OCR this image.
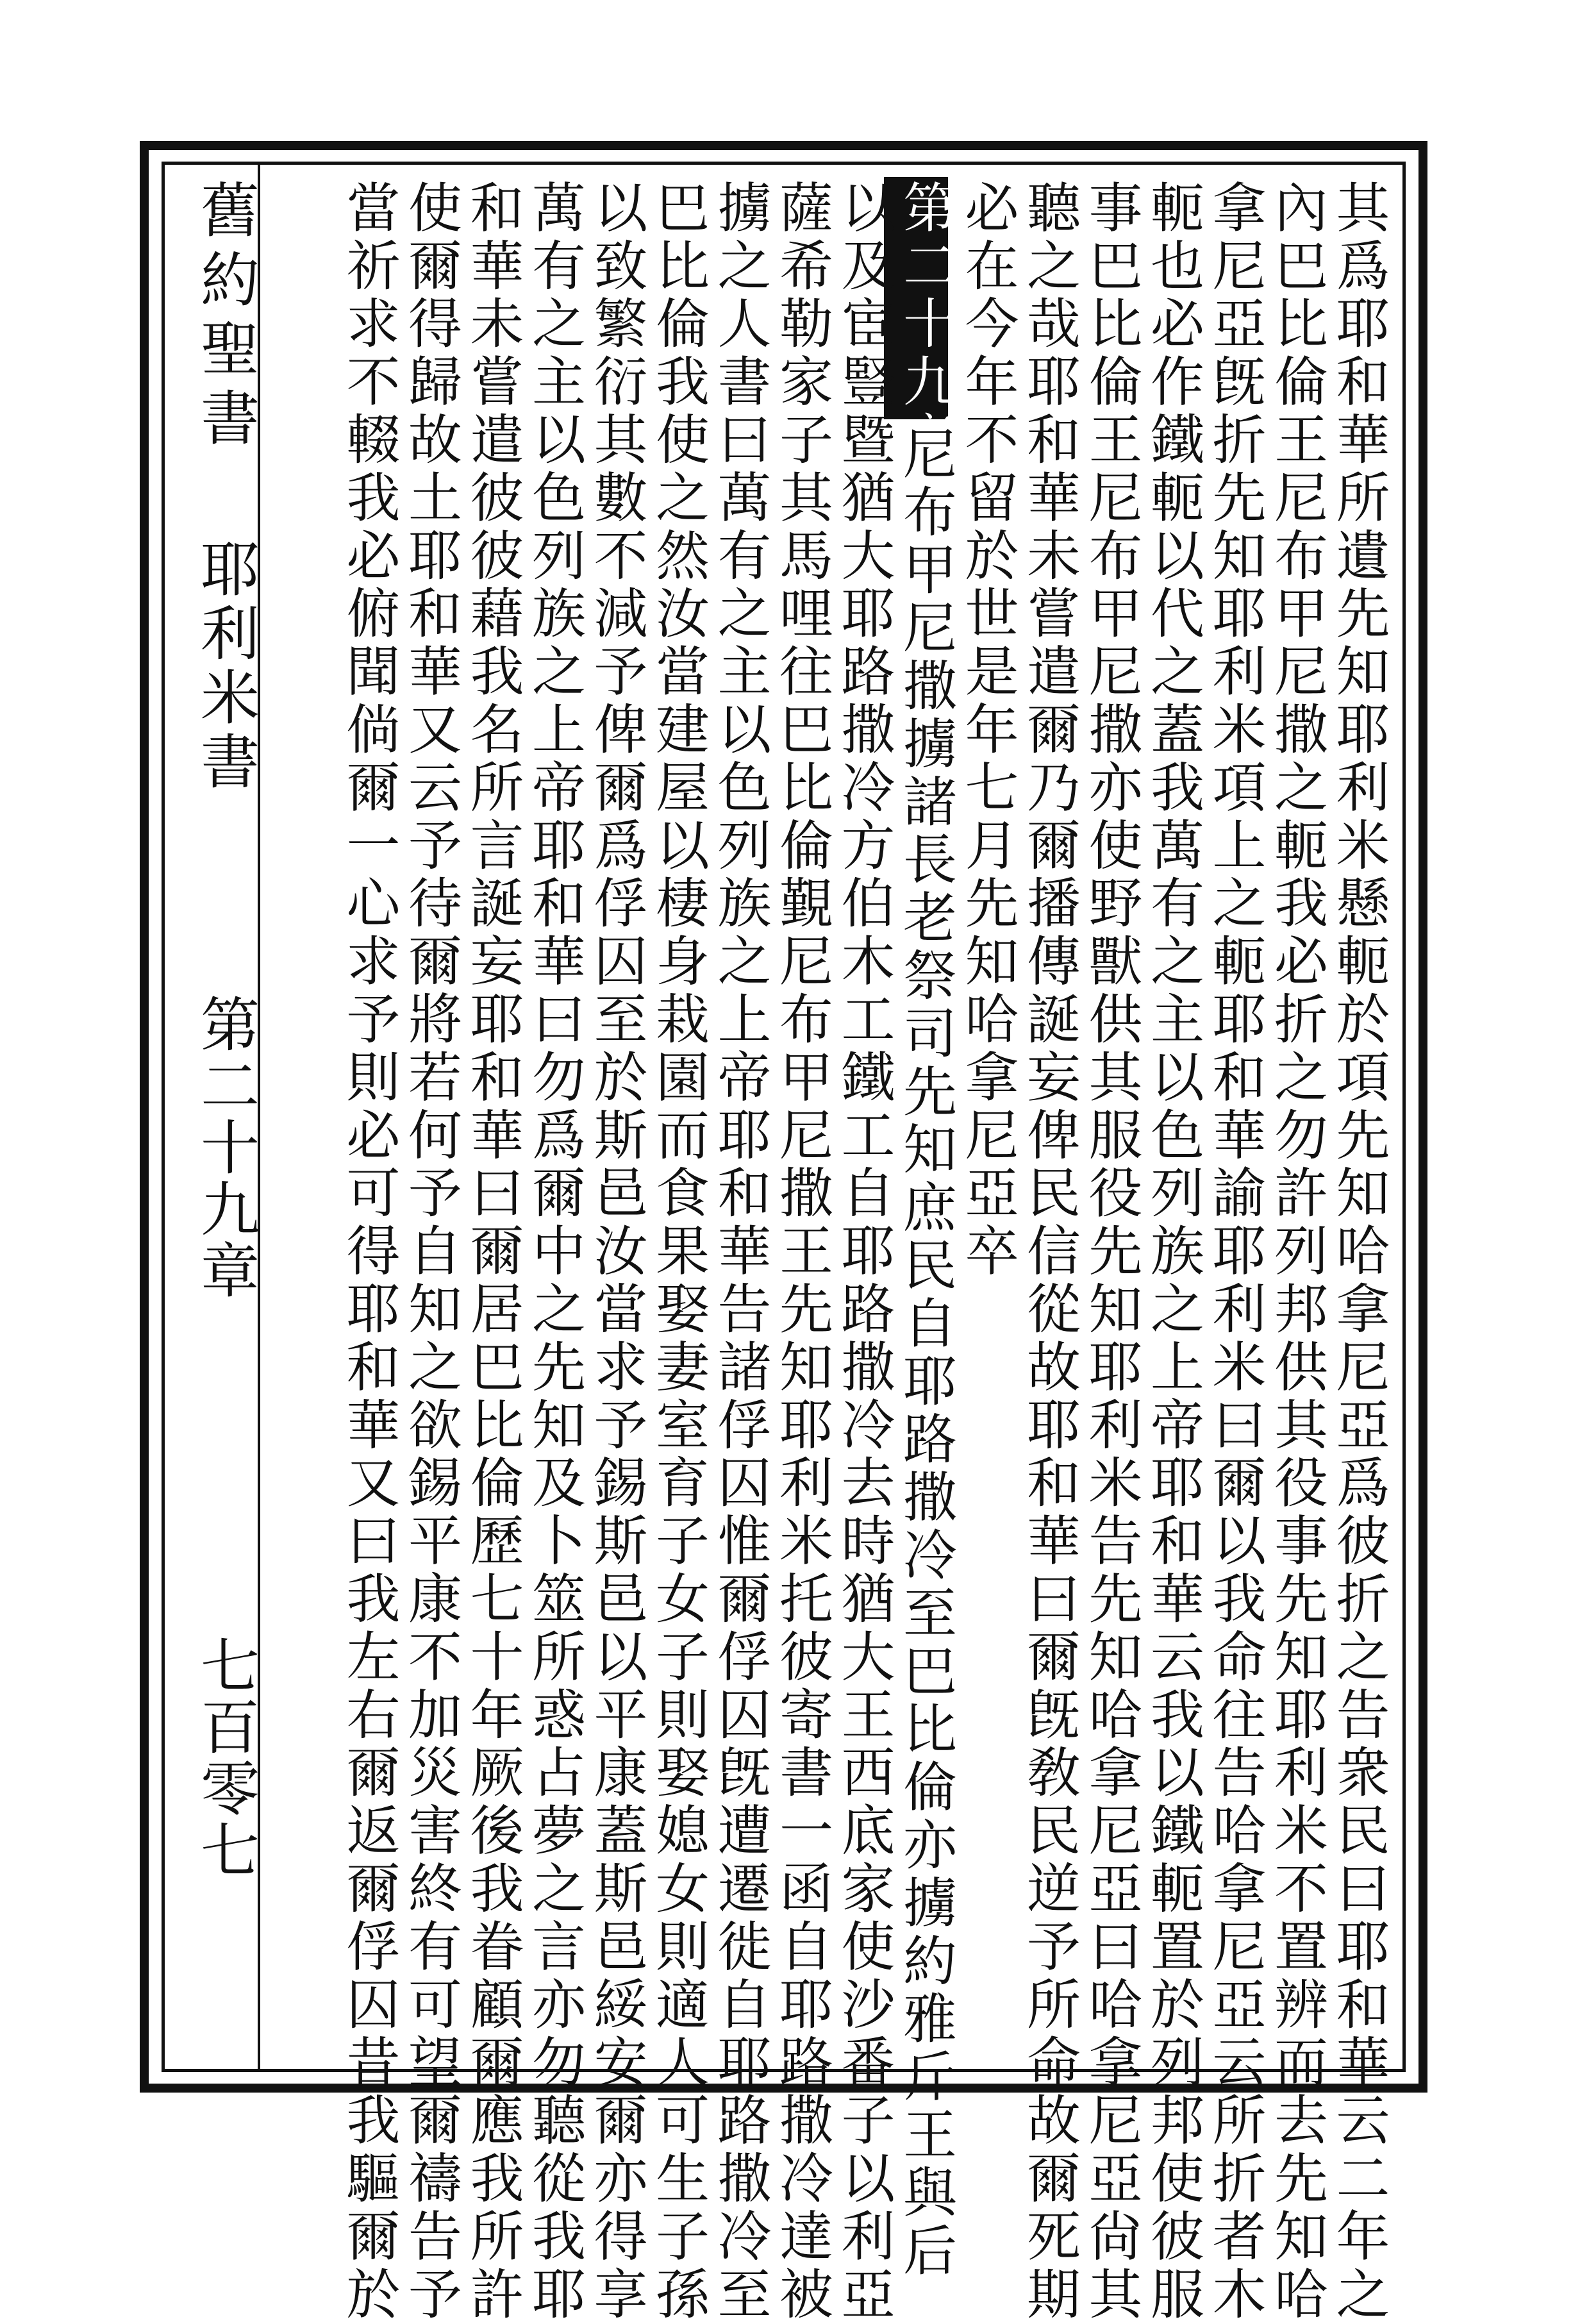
舊約聖書
耶利米書
第二十九章
七百零七	其爲耶和華所遺先知耶利米懸軛於項先知哈拿尼亞爲彼折之告衆民曰耶和華云二年之
內巴比倫王尼布甲尼撒之軛我必折之勿許列邦供其役事先知耶利米不置辨而去先知哈
拿尼亞旣折先知耶利米項上之軛耶和華諭耶利米曰爾以我命往告哈拿尼亞云所折者木
軛也必作鐵軛以代之蓋我萬有之主以色列族之上帝耶和華云我以鐵軛置於列邦使彼服
事巴比倫王尼布甲尼撒亦使野獸供其服役先知耶利米告先知哈拿尼亞曰哈拿尼亞尙其
聽之哉耶和華未嘗遣爾乃爾播傳誕妄俾民信從故耶和華曰爾旣敎民逆予所命故爾死期
必在今年不留於世是年七月先知哈拿尼亞卒
第二十九章
尼布甲尼撒擄諸長老祭司先知庶民自耶路撒冷至巴比倫亦擄約雅斤王與后
以及宦豎暨猶大耶路撒冷方伯木工鐵工自耶路撒冷去時猶大王西底家使沙番子以利亞
薩希勒家子其馬哩往巴比倫覲尼布甲尼撒王先知耶利米托彼寄書一函自耶路撒冷達被
擄之人書曰萬有之主以色列族之上帝耶和華告諸俘囚惟爾俘囚旣遭遷徙自耶路撒冷至
巴比倫我使之然汝當建屋以棲身栽園而食果娶妻室育子女子則娶媳女則適人可生子孫
以致繁衍其數不減予俾爾爲俘囚至於斯邑汝當求予錫斯邑以平康蓋斯邑綏安爾亦得享
萬有之主以色列族之上帝耶和華曰勿爲爾中之先知及卜筮所惑占夢之言亦勿聽從我耶
和華未嘗遣彼彼藉我名所言誕妄耶和華曰爾居巴比倫歷七十年厥後我眷顧爾應我所許
使爾得歸故土耶和華又云予待爾將若何予自知之欲錫平康不加災害終有可望爾禱告予
當祈求不輟我必俯聞倘爾一心求予則必可得耶和華又曰我左右爾返爾俘囚昔我驅爾於
